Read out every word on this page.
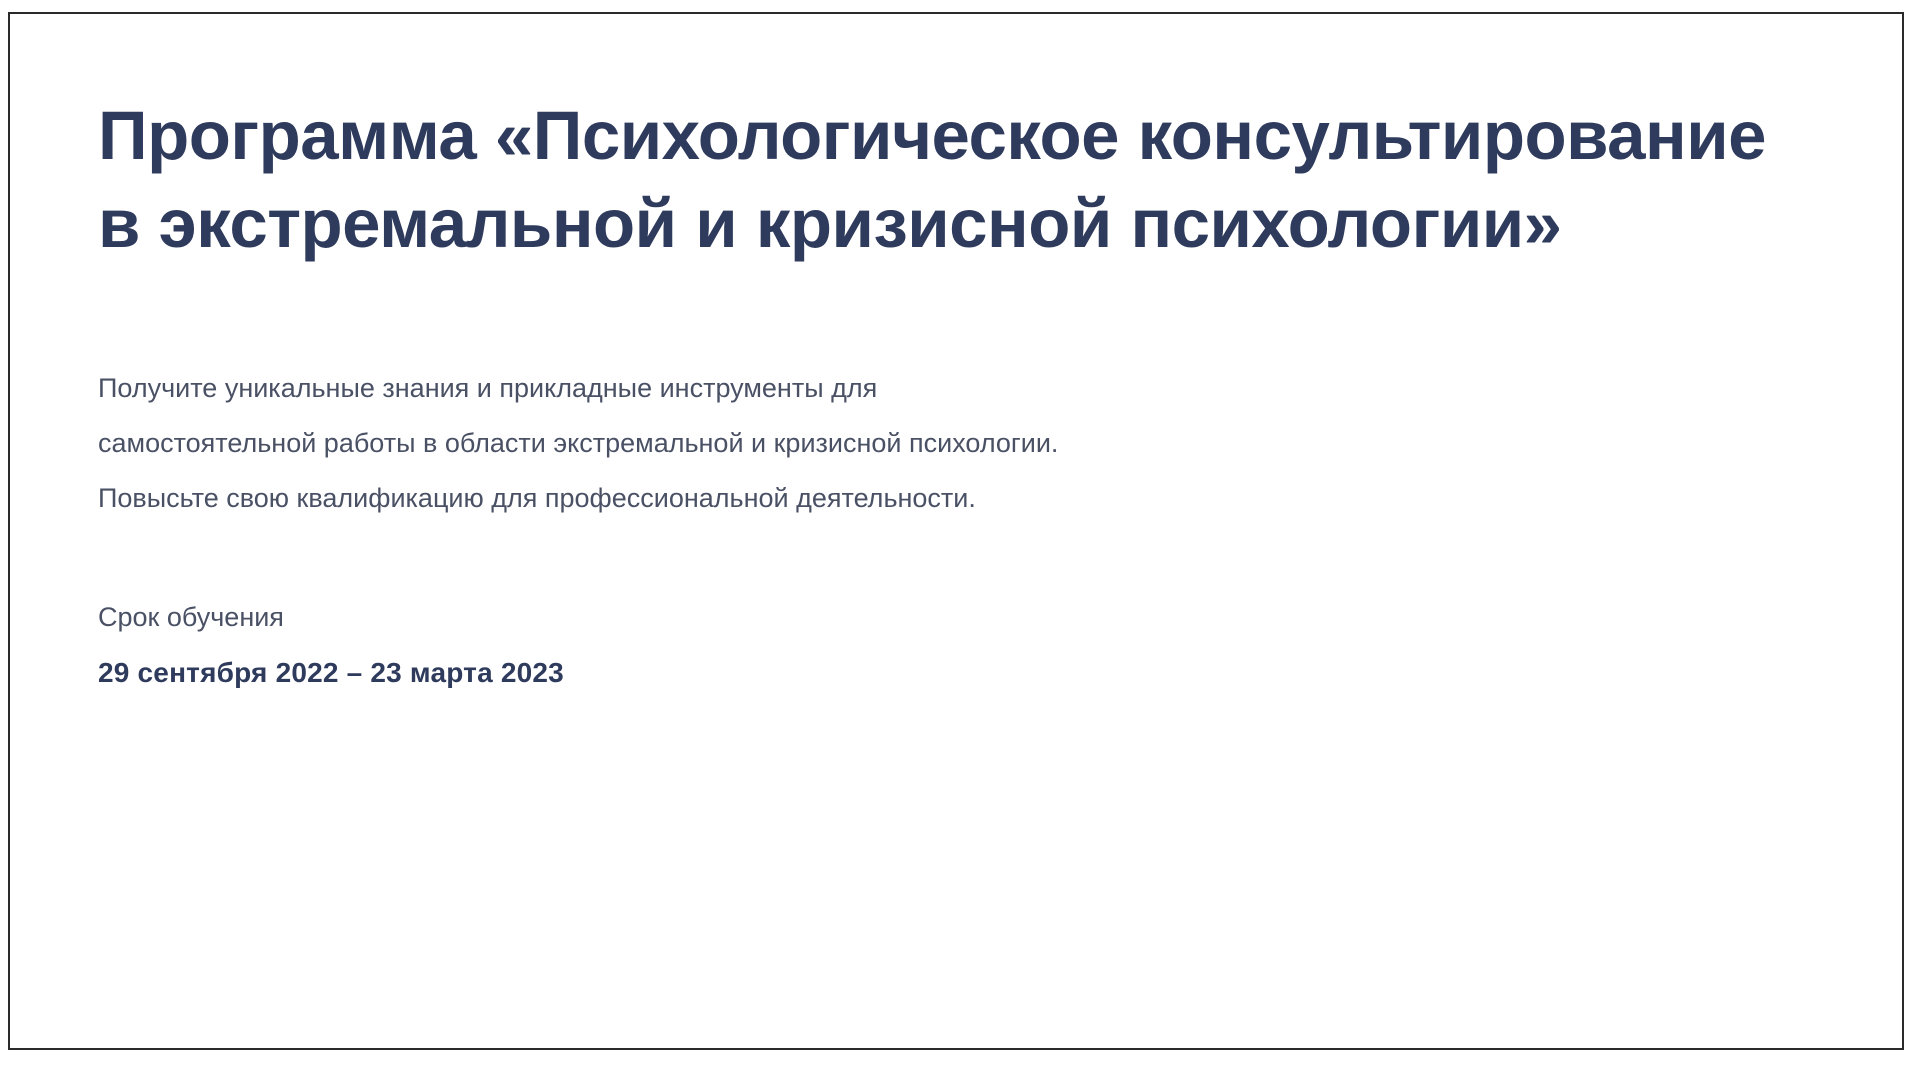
Программа «Психологическое консультирование в экстремальной и кризисной психологии»

Получите уникальные знания и прикладные инструменты для
самостоятельной работы в области экстремальной и кризисной психологии.
Повысьте свою квалификацию для профессиональной деятельности.

Срок обучения
29 сентября 2022 – 23 марта 2023
